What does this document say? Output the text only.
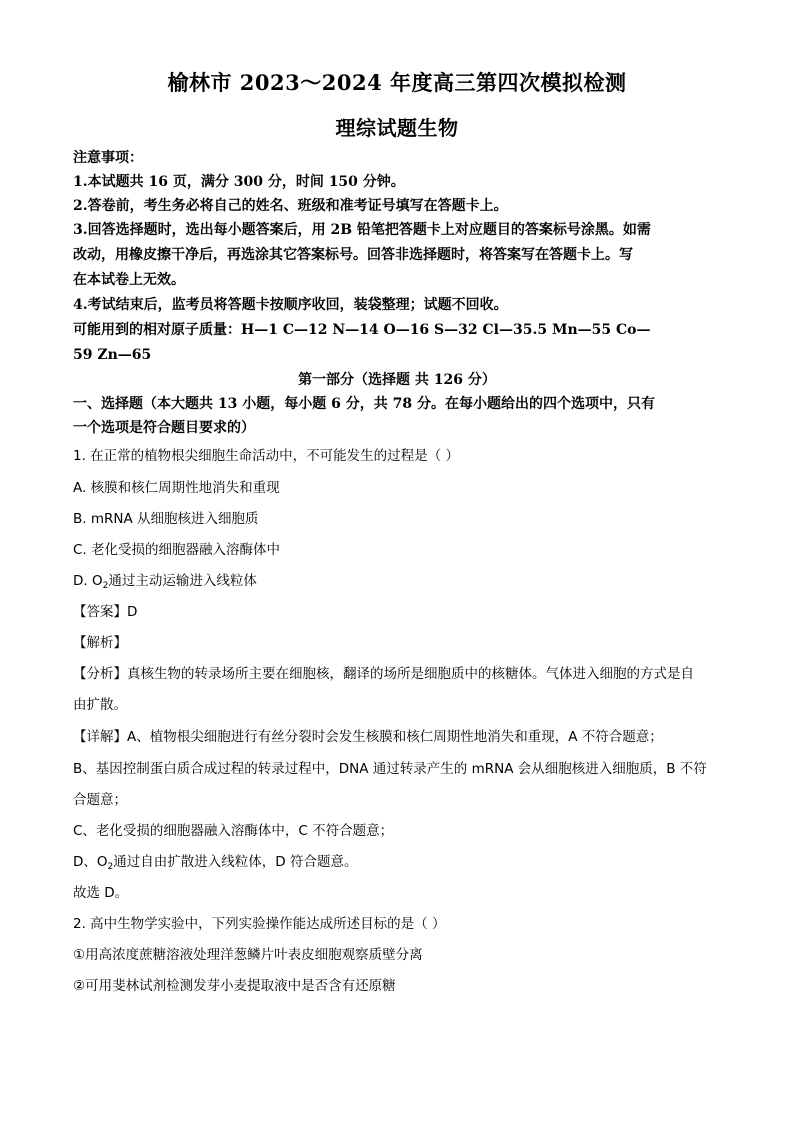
榆林市 2023～2024 年度高三第四次模拟检测
理综试题生物
注意事项：
1.本试题共 16 页，满分 300 分，时间 150 分钟。
2.答卷前，考生务必将自己的姓名、班级和准考证号填写在答题卡上。
3.回答选择题时，选出每小题答案后，用 2B 铅笔把答题卡上对应题目的答案标号涂黑。如需
改动，用橡皮擦干净后，再选涂其它答案标号。回答非选择题时，将答案写在答题卡上。写
在本试卷上无效。
4.考试结束后，监考员将答题卡按顺序收回，装袋整理；试题不回收。
可能用到的相对原子质量：H—1 C—12 N—14 O—16 S—32 Cl—35.5 Mn—55 Co—
59 Zn—65
第一部分（选择题 共 126 分）
一、选择题（本大题共 13 小题，每小题 6 分，共 78 分。在每小题给出的四个选项中，只有
一个选项是符合题目要求的）
1. 在正常的植物根尖细胞生命活动中，不可能发生的过程是（ ）
A. 核膜和核仁周期性地消失和重现
B. mRNA 从细胞核进入细胞质
C. 老化受损的细胞器融入溶酶体中
D. $O_2$通过主动运输进入线粒体
【答案】D
【解析】
【分析】真核生物的转录场所主要在细胞核，翻译的场所是细胞质中的核糖体。气体进入细胞的方式是自
由扩散。
【详解】A、植物根尖细胞进行有丝分裂时会发生核膜和核仁周期性地消失和重现，A 不符合题意；
B、基因控制蛋白质合成过程的转录过程中，DNA 通过转录产生的 mRNA 会从细胞核进入细胞质，B 不符
合题意；
C、老化受损的细胞器融入溶酶体中，C 不符合题意；
D、$O_2$通过自由扩散进入线粒体，D 符合题意。
故选 D。
2. 高中生物学实验中，下列实验操作能达成所述目标的是（ ）
①用高浓度蔗糖溶液处理洋葱鳞片叶表皮细胞观察质壁分离
②可用斐林试剂检测发芽小麦提取液中是否含有还原糖
